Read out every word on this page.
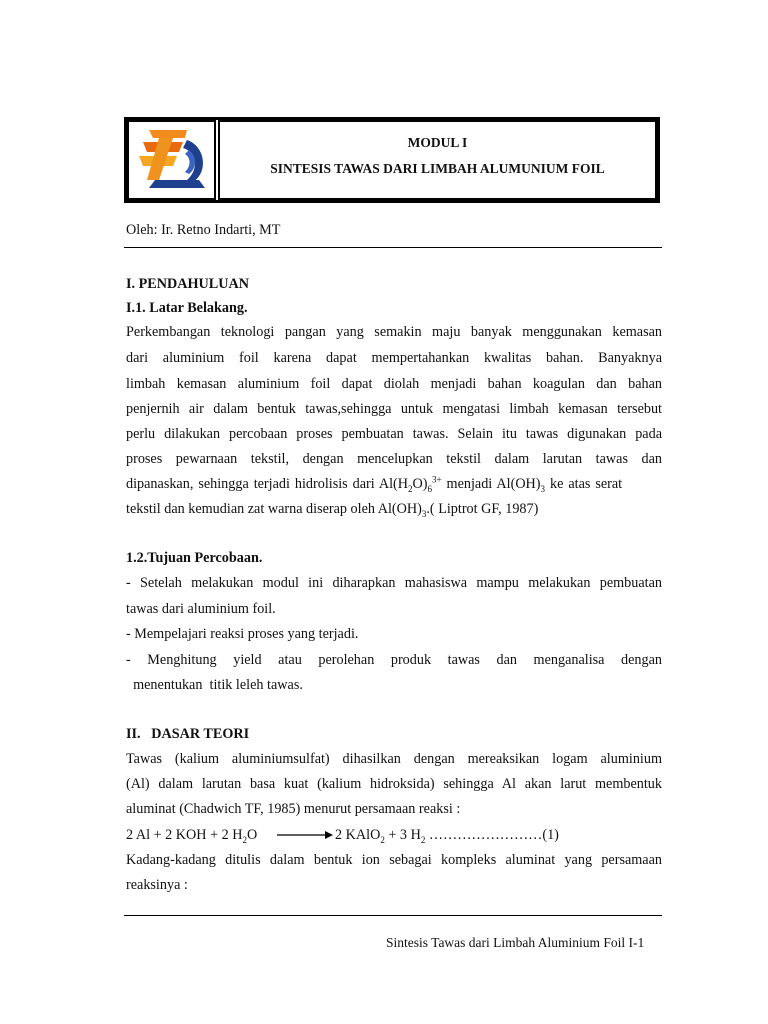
MODUL I
SINTESIS TAWAS DARI LIMBAH ALUMUNIUM FOIL
Oleh: Ir. Retno Indarti, MT
I. PENDAHULUAN
I.1. Latar Belakang.
Perkembangan teknologi pangan yang semakin maju banyak menggunakan kemasan
dari aluminium foil karena dapat mempertahankan kwalitas bahan. Banyaknya
limbah kemasan aluminium foil dapat diolah menjadi bahan koagulan dan bahan
penjernih air dalam bentuk tawas,sehingga untuk mengatasi limbah kemasan tersebut
perlu dilakukan percobaan proses pembuatan tawas. Selain itu tawas digunakan pada
proses pewarnaan tekstil, dengan mencelupkan tekstil dalam larutan tawas dan
dipanaskan, sehingga terjadi hidrolisis dari $Al(H_2O)_6^{3+}$ menjadi $Al(OH)_3$ ke atas serat
tekstil dan kemudian zat warna diserap oleh $Al(OH)_3$.( Liptrot GF, 1987)
1.2.Tujuan Percobaan.
- Setelah melakukan modul ini diharapkan mahasiswa mampu melakukan pembuatan
tawas dari aluminium foil.
- Mempelajari reaksi proses yang terjadi.
- Menghitung yield atau perolehan produk tawas dan menganalisa dengan
menentukan  titik leleh tawas.
II.   DASAR TEORI
Tawas (kalium aluminiumsulfat) dihasilkan dengan mereaksikan logam aluminium
(Al) dalam larutan basa kuat (kalium hidroksida) sehingga Al akan larut membentuk
aluminat (Chadwich TF, 1985) menurut persamaan reaksi :
2 Al + 2 KOH + 2 $H_2O \to 2$ KAlO$_2$ + 3 $H_2$ ……………………(1)
Kadang-kadang ditulis dalam bentuk ion sebagai kompleks aluminat yang persamaan
reaksinya :
Sintesis Tawas dari Limbah Aluminium Foil I-1
